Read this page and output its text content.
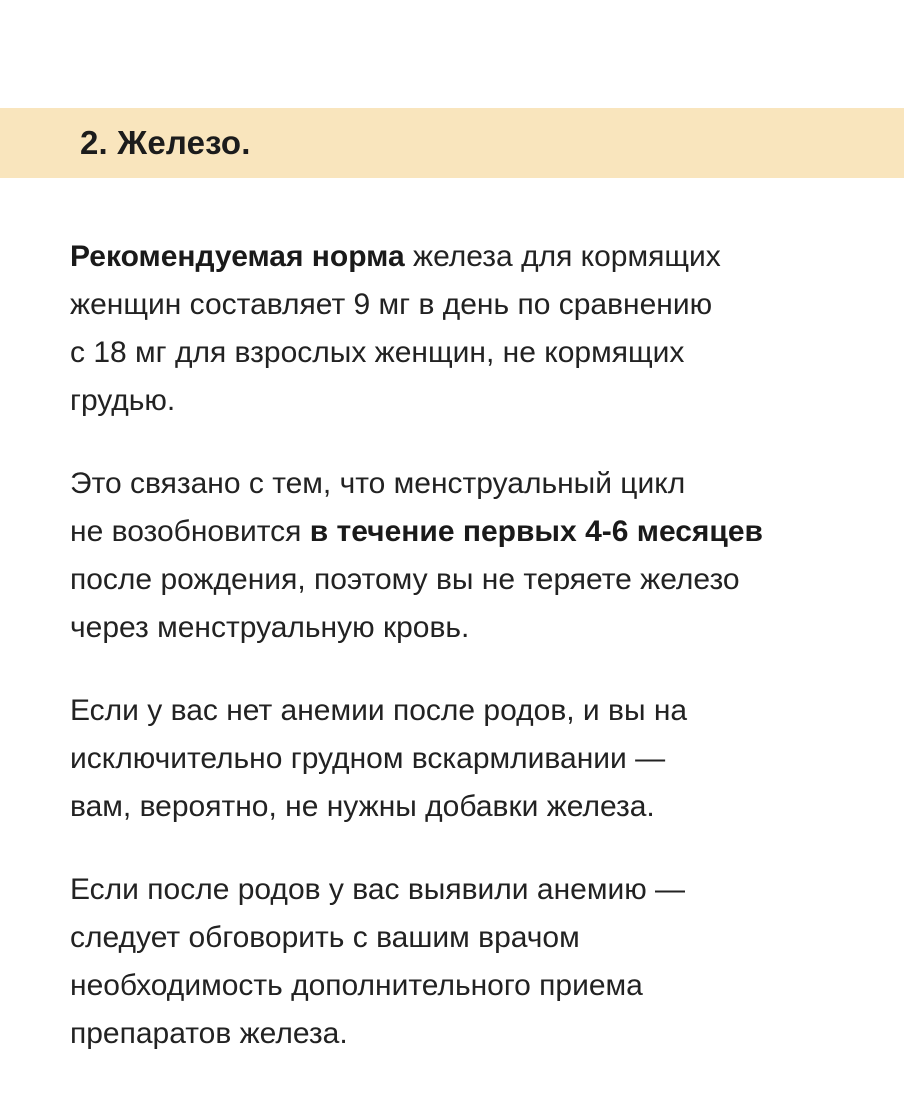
2. Железо.

Рекомендуемая норма железа для кормящих
женщин составляет 9 мг в день по сравнению
с 18 мг для взрослых женщин, не кормящих
грудью.

Это связано с тем, что менструальный цикл
не возобновится в течение первых 4-6 месяцев
после рождения, поэтому вы не теряете железо
через менструальную кровь.

Если у вас нет анемии после родов, и вы на
исключительно грудном вскармливании —
вам, вероятно, не нужны добавки железа.

Если после родов у вас выявили анемию —
следует обговорить с вашим врачом
необходимость дополнительного приема
препаратов железа.
